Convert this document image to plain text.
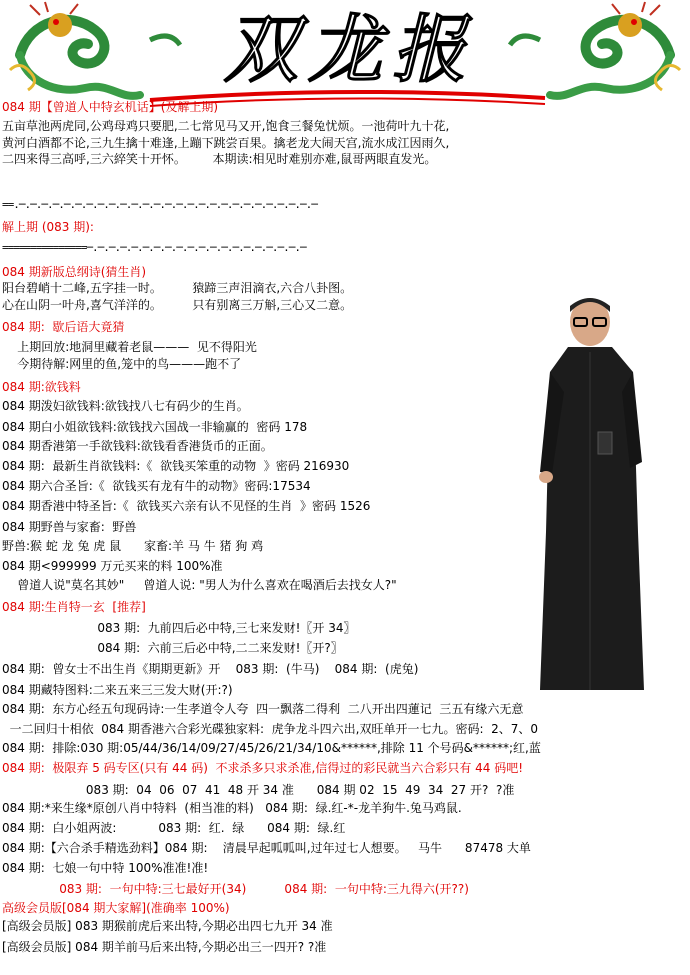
双龙报
084 期【曾道人中特玄机话】(及解上期)
五亩草池两虎同,公鸡母鸡只要肥,二七常见马又开,饱食三餐兔忧烦。一池荷叶九十花,
黄河白酒都不论,三九生擒十难逢,上蹦下跳尝百果。擒老龙大闹天宫,流水成江因雨久,
二四来得三高呼,三六綷笑十开怀。       本期读:相见时难别亦难,鼠哥两眼直发光。
解上期 (083 期):
084 期新版总纲诗(猜生肖)
阳台碧峭十二峰,五字挂一时。        猿蹄三声泪滴衣,六合八卦图。
心在山阴一叶舟,喜气洋洋的。        只有别离三万斛,三心又二意。
084 期:  歇后语大竟猜
上期回放:地洞里藏着老鼠———  见不得阳光
今期待解:网里的鱼,笼中的鸟———跑不了
084 期:欲钱料
084 期泼妇欲钱料:欲钱找八七有码少的生肖。
084 期白小姐欲钱料:欲钱找六国战一非输赢的  密码 178
084 期香港第一手欲钱料:欲钱看香港货币的正面。
084 期:  最新生肖欲钱料:《  欲钱买笨重的动物  》密码 216930
084 期六合圣旨:《  欲钱买有龙有牛的动物》密码:17534
084 期香港中特圣旨:《  欲钱买六亲有认不见怪的生肖  》密码 1526
084 期野兽与家畜:  野兽
野兽:猴 蛇 龙 兔 虎 鼠      家畜:羊 马 牛 猪 狗 鸡
084 期<999999 万元买来的料 100%准
曾道人说"莫名其妙"     曾道人说: "男人为什么喜欢在喝酒后去找女人?"
084 期:生肖特一玄  [推荐]
083 期:  九前四后必中特,三七来发财!〖开 34〗
084 期:  六前三后必中特,二二来发财!〖开?〗
084 期:  曾女士不出生肖《期期更新》开    083 期:  (牛马)    084 期:  (虎兔)
084 期藏特图料:二来五来三三发大财(开:?)
084 期:  东方心经五句现码诗:一生孝道令人夸  四一飘落二得利  二八开出四蓮记  三五有缘六无意
一二回归十相依  084 期香港六合彩光碟独家料:  虎争龙斗四六出,双旺单开一七九。密码:  2、7、0
084 期:  排除:030 期:05/44/36/14/09/27/45/26/21/34/10&******,排除 11 个号码&******;红,蓝
084 期:  极限弃 5 码专区(只有 44 码)  不求杀多只求杀准,信得过的彩民就当六合彩只有 44 码吧!
083 期:  04  06  07  41  48 开 34 准      084 期 02  15  49  34  27 开?  ?准
084 期:*来生缘*原创八肖中特料  (相当准的料)   084 期:  绿.红-*-龙羊狗牛.兔马鸡鼠.
084 期:  白小姐两波:           083 期:  红.  绿      084 期:  绿.红
084 期:【六合杀手精选劲料】084 期:    清晨早起呱呱叫,过年过七人想要。   马牛      87478 大单
084 期:  七娘一句中特 100%准准!准!
083 期:  一句中特:三七最好开(34)          084 期:  一句中特:三九得六(开??)
高级会员版[084 期大家解](准确率 100%)
[高级会员版] 083 期猴前虎后来出特,今期必出四七九开 34 准
[高级会员版] 084 期羊前马后来出特,今期必出三一四开? ?准
==.─.─.─.─.─.─.─.─.─.─.─.─.─.─.─.─.─.─.─.─.─.─.─.─.─.─.─
===============─.─.─.─.─.─.─.─.─.─.─.─.─.─.─.─.─.─.─.─
